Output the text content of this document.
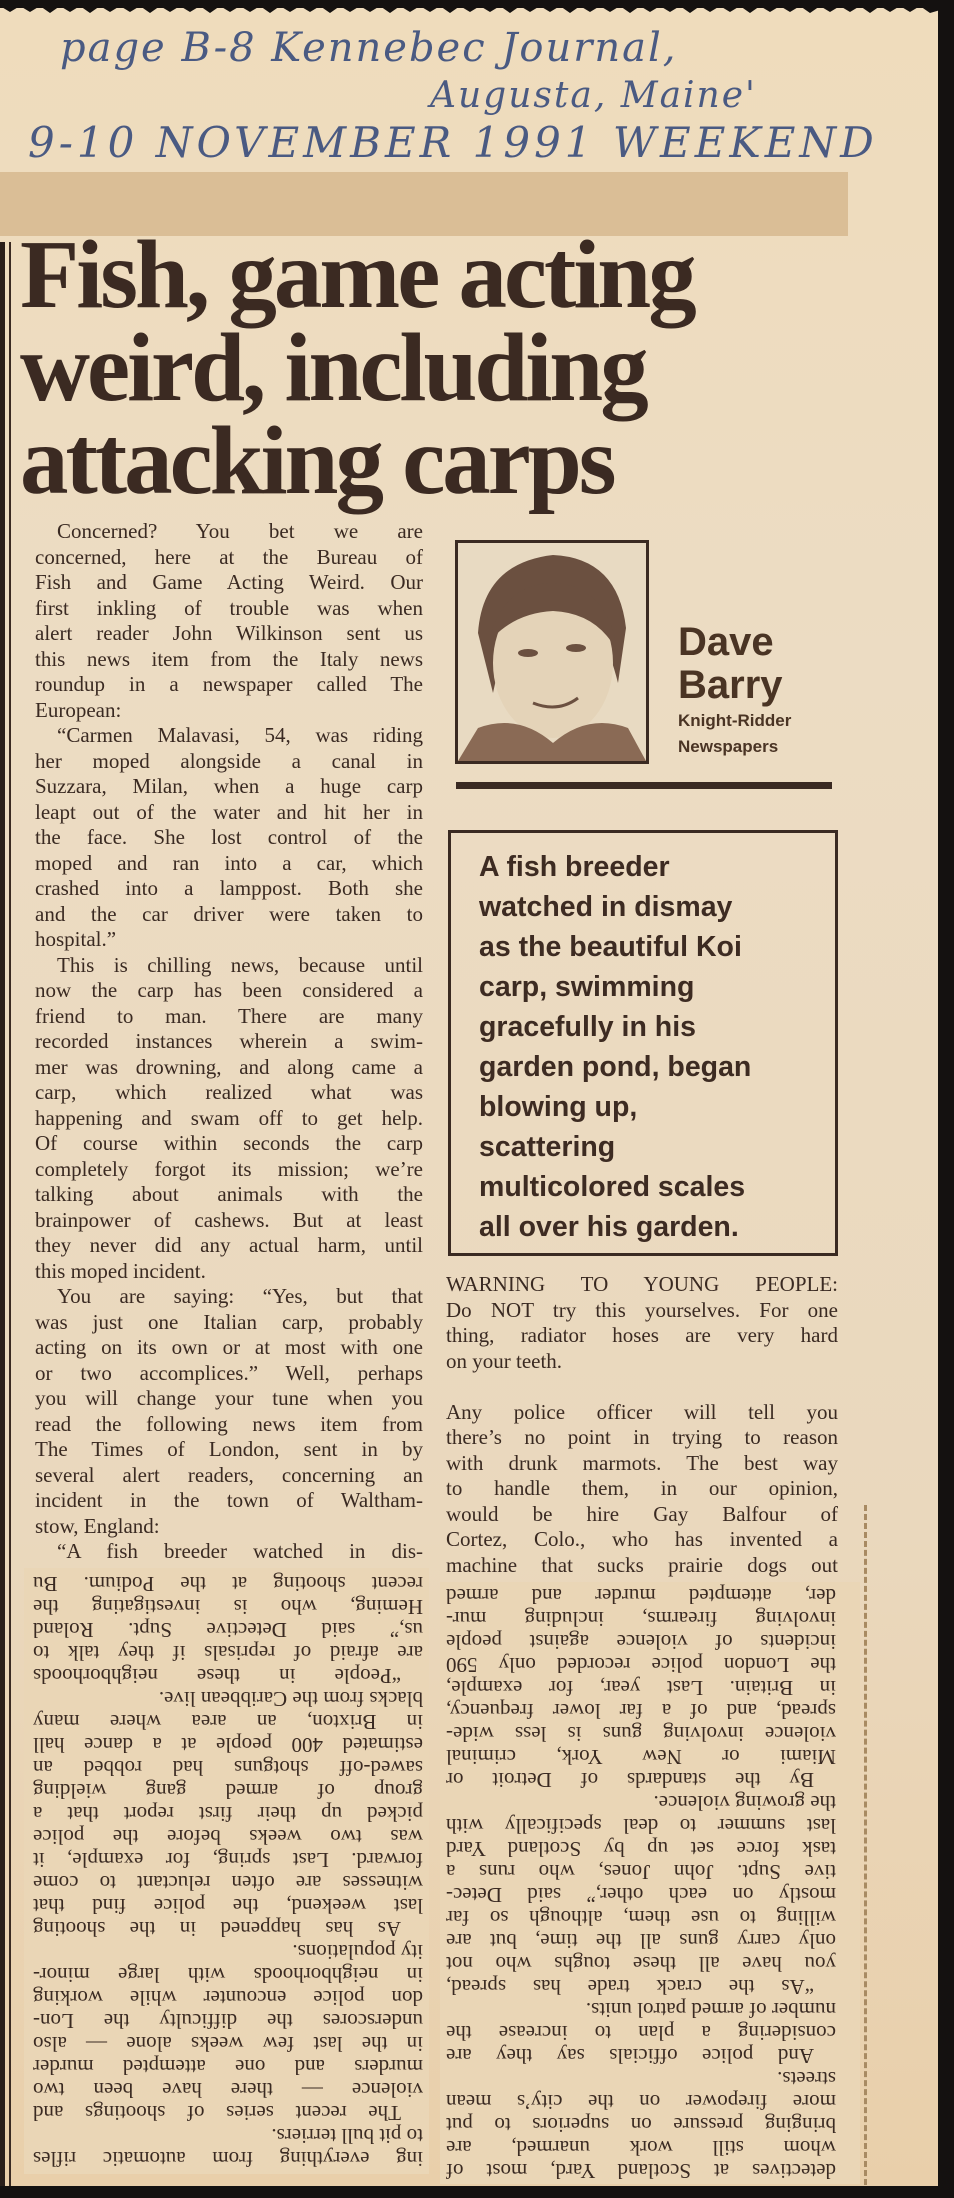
page B-8 Kennebec Journal,
Augusta, Maine'
9-10 NOVEMBER 1991 WEEKEND
Fish, game acting
weird, including
attacking carps
Concerned? You bet we are
concerned, here at the Bureau of
Fish and Game Acting Weird. Our
first inkling of trouble was when
alert reader John Wilkinson sent us
this news item from the Italy news
roundup in a newspaper called The
European:
“Carmen Malavasi, 54, was riding
her moped alongside a canal in
Suzzara, Milan, when a huge carp
leapt out of the water and hit her in
the face. She lost control of the
moped and ran into a car, which
crashed into a lamppost. Both she
and the car driver were taken to
hospital.”
This is chilling news, because until
now the carp has been considered a
friend to man. There are many
recorded instances wherein a swim-
mer was drowning, and along came a
carp, which realized what was
happening and swam off to get help.
Of course within seconds the carp
completely forgot its mission; we’re
talking about animals with the
brainpower of cashews. But at least
they never did any actual harm, until
this moped incident.
You are saying: “Yes, but that
was just one Italian carp, probably
acting on its own or at most with one
or two accomplices.” Well, perhaps
you will change your tune when you
read the following news item from
The Times of London, sent in by
several alert readers, concerning an
incident in the town of Waltham-
stow, England:
“A fish breeder watched in dis-
Dave
Barry
Knight-Ridder
Newspapers
A fish breeder
watched in dismay
as the beautiful Koi
carp, swimming
gracefully in his
garden pond, began
blowing up,
scattering
multicolored scales
all over his garden.
WARNING TO YOUNG PEOPLE:
Do NOT try this yourselves. For one
thing, radiator hoses are very hard
on your teeth.
Any police officer will tell you
there’s no point in trying to reason
with drunk marmots. The best way
to handle them, in our opinion,
would be hire Gay Balfour of
Cortez, Colo., who has invented a
machine that sucks prairie dogs out
ing everything from automatic rifles
to pit bull terriers.
The recent series of shootings and
violence — there have been two
murders and one attempted murder
in the last few weeks alone — also
underscores the difficulty the Lon-
don police encounter while working
in neighborhoods with large minor-
ity populations.
As has happened in the shooting
last weekend, the police find that
witnesses are often reluctant to come
forward. Last spring, for example, it
was two weeks before the police
picked up their first report that a
group of armed gang wielding
sawed-off shotguns had robbed an
estimated 400 people at a dance hall
in Brixton, an area where many
blacks from the Caribbean live.
“People in these neighborhoods
are afraid of reprisals if they talk to
us,” said Detective Supt. Roland
Heming, who is investigating the
recent shooting at the Podium. Bu
detectives at Scotland Yard, most of
whom still work unarmed, are
bringing pressure on superiors to put
more firepower on the city’s mean
streets.
And police officials say they are
considering a plan to increase the
number of armed patrol units.
“As the crack trade has spread,
you have all these toughs who not
only carry guns all the time, but are
willing to use them, although so far
mostly on each other,” said Detec-
tive Supt. John Jones, who runs a
task force set up by Scotland Yard
last summer to deal specifically with
the growing violence.
By the standards of Detroit or
Miami or New York, criminal
violence involving guns is less wide-
spread, and of a far lower frequency,
in Britain. Last year, for example,
the London police recorded only 590
incidents of violence against people
involving firearms, including mur-
der, attempted murder and armed
